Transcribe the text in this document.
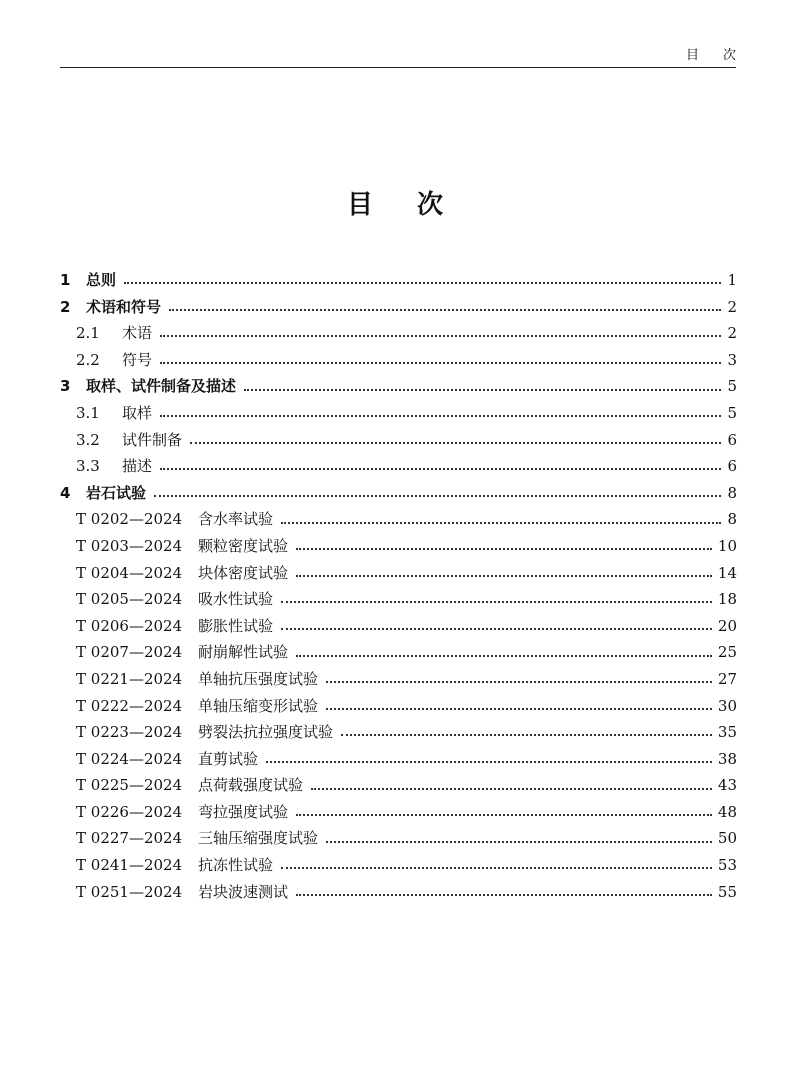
目次
目次
1	总则	1
2	术语和符号	2
2.1	术语	2
2.2	符号	3
3	取样、试件制备及描述	5
3.1	取样	5
3.2	试件制备	6
3.3	描述	6
4	岩石试验	8
T 0202—2024	含水率试验	8
T 0203—2024	颗粒密度试验	10
T 0204—2024	块体密度试验	14
T 0205—2024	吸水性试验	18
T 0206—2024	膨胀性试验	20
T 0207—2024	耐崩解性试验	25
T 0221—2024	单轴抗压强度试验	27
T 0222—2024	单轴压缩变形试验	30
T 0223—2024	劈裂法抗拉强度试验	35
T 0224—2024	直剪试验	38
T 0225—2024	点荷载强度试验	43
T 0226—2024	弯拉强度试验	48
T 0227—2024	三轴压缩强度试验	50
T 0241—2024	抗冻性试验	53
T 0251—2024	岩块波速测试	55
